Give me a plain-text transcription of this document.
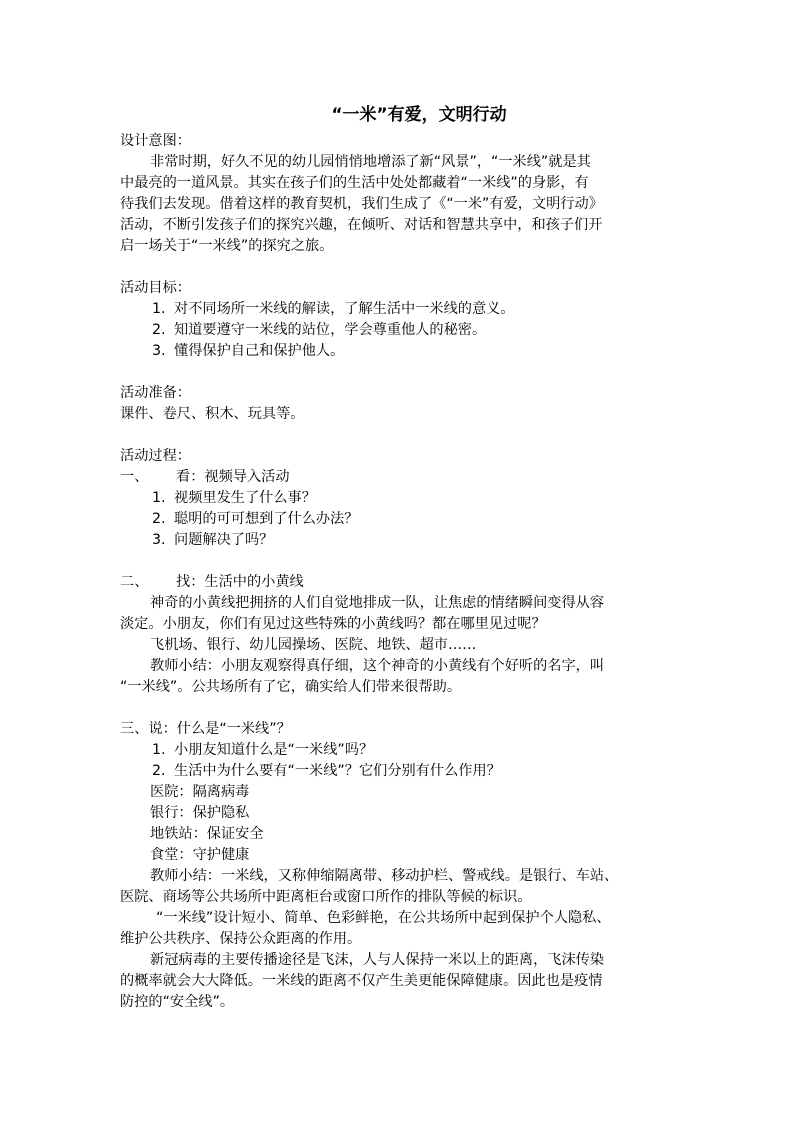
“一米”有爱，文明行动
设计意图：
非常时期，好久不见的幼儿园悄悄地增添了新“风景”，“一米线”就是其
中最亮的一道风景。其实在孩子们的生活中处处都藏着“一米线”的身影，有
待我们去发现。借着这样的教育契机，我们生成了《“一米”有爱，文明行动》
活动，不断引发孩子们的探究兴趣，在倾听、对话和智慧共享中，和孩子们开
启一场关于“一米线”的探究之旅。
活动目标：
1. 对不同场所一米线的解读，了解生活中一米线的意义。
2. 知道要遵守一米线的站位，学会尊重他人的秘密。
3. 懂得保护自己和保护他人。
活动准备：
课件、卷尺、积木、玩具等。
活动过程：
一、 看：视频导入活动
1. 视频里发生了什么事？
2. 聪明的可可想到了什么办法？
3. 问题解决了吗？
二、 找：生活中的小黄线
神奇的小黄线把拥挤的人们自觉地排成一队，让焦虑的情绪瞬间变得从容
淡定。小朋友，你们有见过这些特殊的小黄线吗？都在哪里见过呢？
飞机场、银行、幼儿园操场、医院、地铁、超市……
教师小结：小朋友观察得真仔细，这个神奇的小黄线有个好听的名字，叫
“一米线”。公共场所有了它，确实给人们带来很帮助。
三、说：什么是“一米线”？
1. 小朋友知道什么是“一米线”吗？
2. 生活中为什么要有“一米线”？它们分别有什么作用？
医院：隔离病毒
银行：保护隐私
地铁站：保证安全
食堂：守护健康
教师小结：一米线，又称伸缩隔离带、移动护栏、警戒线。是银行、车站、
医院、商场等公共场所中距离柜台或窗口所作的排队等候的标识。
“一米线”设计短小、简单、色彩鲜艳，在公共场所中起到保护个人隐私、
维护公共秩序、保持公众距离的作用。
新冠病毒的主要传播途径是飞沫，人与人保持一米以上的距离，飞沫传染
的概率就会大大降低。一米线的距离不仅产生美更能保障健康。因此也是疫情
防控的“安全线”。
